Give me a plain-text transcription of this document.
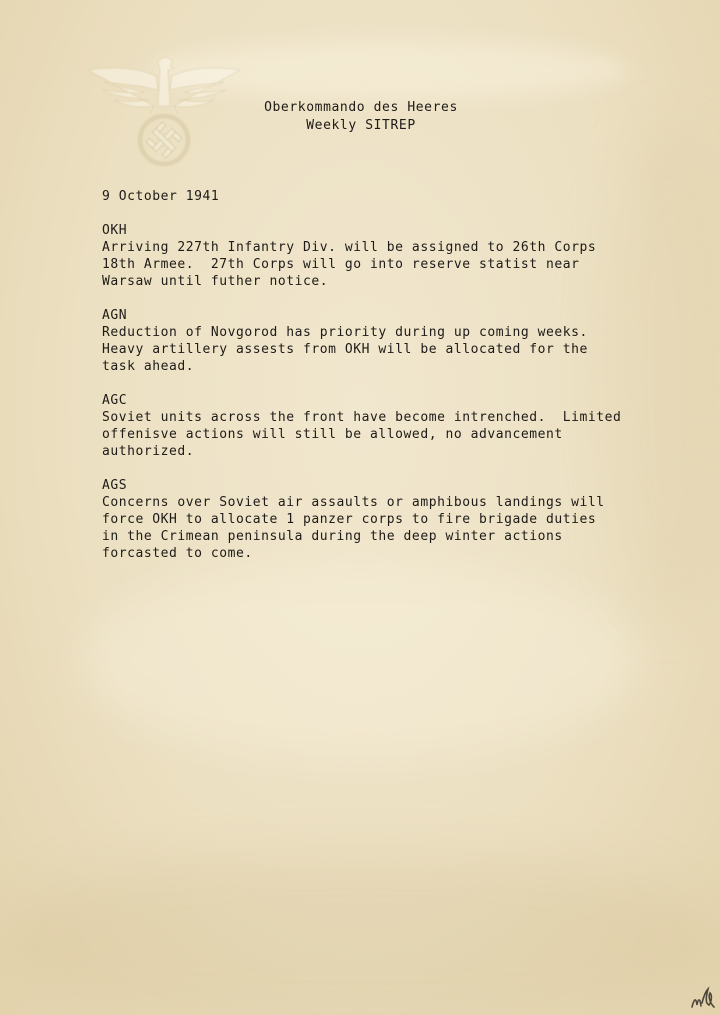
Oberkommando des Heeres
Weekly SITREP
9 October 1941
OKH
Arriving 227th Infantry Div. will be assigned to 26th Corps
18th Armee.  27th Corps will go into reserve statist near
Warsaw until futher notice.
AGN
Reduction of Novgorod has priority during up coming weeks.
Heavy artillery assests from OKH will be allocated for the
task ahead.
AGC
Soviet units across the front have become intrenched.  Limited
offenisve actions will still be allowed, no advancement
authorized.
AGS
Concerns over Soviet air assaults or amphibous landings will
force OKH to allocate 1 panzer corps to fire brigade duties
in the Crimean peninsula during the deep winter actions
forcasted to come.
